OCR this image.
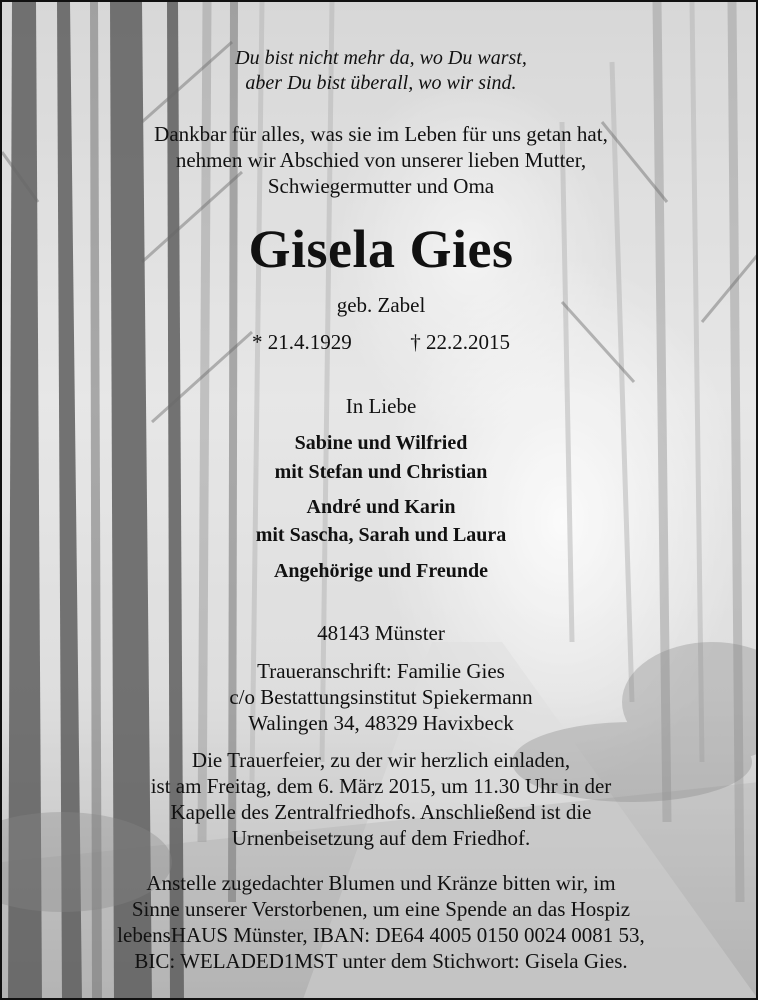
Du bist nicht mehr da, wo Du warst,
aber Du bist überall, wo wir sind.
Dankbar für alles, was sie im Leben für uns getan hat,
nehmen wir Abschied von unserer lieben Mutter,
Schwiegermutter und Oma
Gisela Gies
geb. Zabel
* 21.4.1929	† 22.2.2015
In Liebe
Sabine und Wilfried
mit Stefan und Christian
André und Karin
mit Sascha, Sarah und Laura
Angehörige und Freunde
48143 Münster
Traueranschrift: Familie Gies
c/o Bestattungsinstitut Spiekermann
Walingen 34, 48329 Havixbeck
Die Trauerfeier, zu der wir herzlich einladen,
ist am Freitag, dem 6. März 2015, um 11.30 Uhr in der
Kapelle des Zentralfriedhofs. Anschließend ist die
Urnenbeisetzung auf dem Friedhof.
Anstelle zugedachter Blumen und Kränze bitten wir, im
Sinne unserer Verstorbenen, um eine Spende an das Hospiz
lebensHAUS Münster, IBAN: DE64 4005 0150 0024 0081 53,
BIC: WELADED1MST unter dem Stichwort: Gisela Gies.
